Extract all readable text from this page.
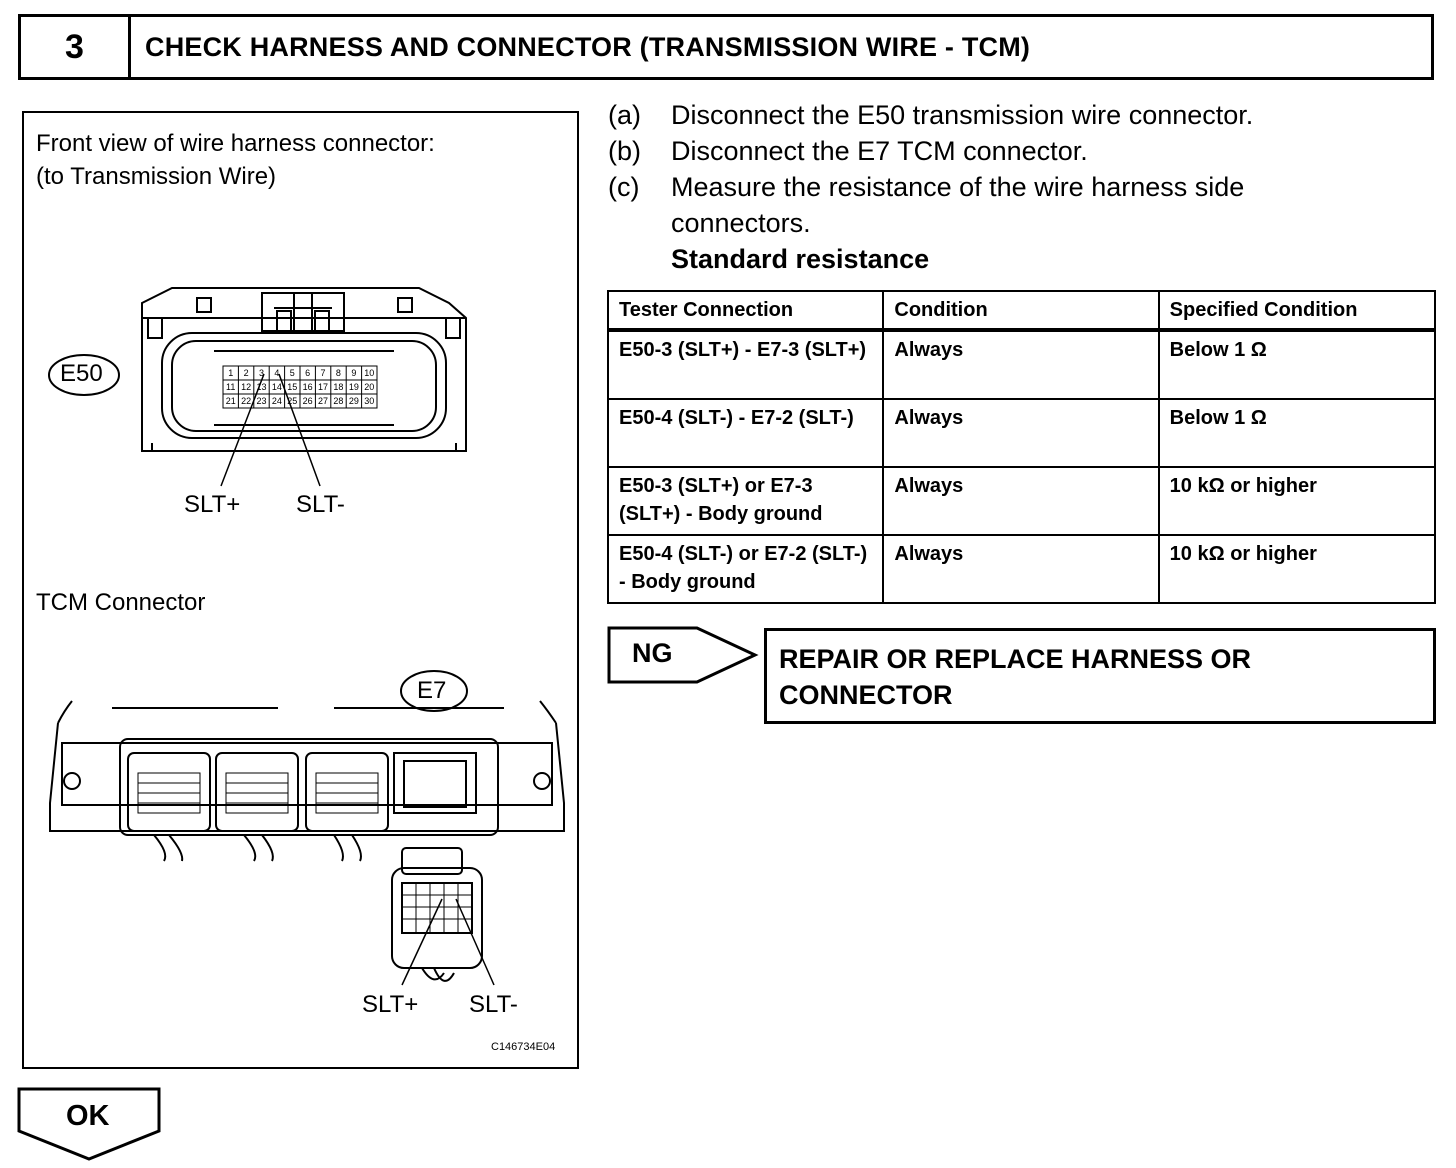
3	CHECK HARNESS AND CONNECTOR (TRANSMISSION WIRE - TCM)
Front view of wire harness connector:
(to Transmission Wire)
1	2	3	4	5	6	7	8	9 10
11 12 13 14 15 16 17 18 19 20
21 22 23 24 25 26 27 28 29 30
E50
SLT+ SLT-
TCM Connector
E7
SLT+ SLT-
C146734E04
(a) Disconnect the E50 transmission wire connector.
(b) Disconnect the E7 TCM connector.
(c) Measure the resistance of the wire harness side
connectors.
Standard resistance
Tester Connection	Condition	Specified Condition
E50-3 (SLT+) - E7-3 (SLT+)	Always	Below 1 Ω
E50-4 (SLT-) - E7-2 (SLT-)	Always	Below 1 Ω
E50-3 (SLT+) or E7-3 (SLT+) - Body ground	Always	10 kΩ or higher
E50-4 (SLT-) or E7-2 (SLT-) - Body ground	Always	10 kΩ or higher
NG	REPAIR OR REPLACE HARNESS OR
CONNECTOR
OK
